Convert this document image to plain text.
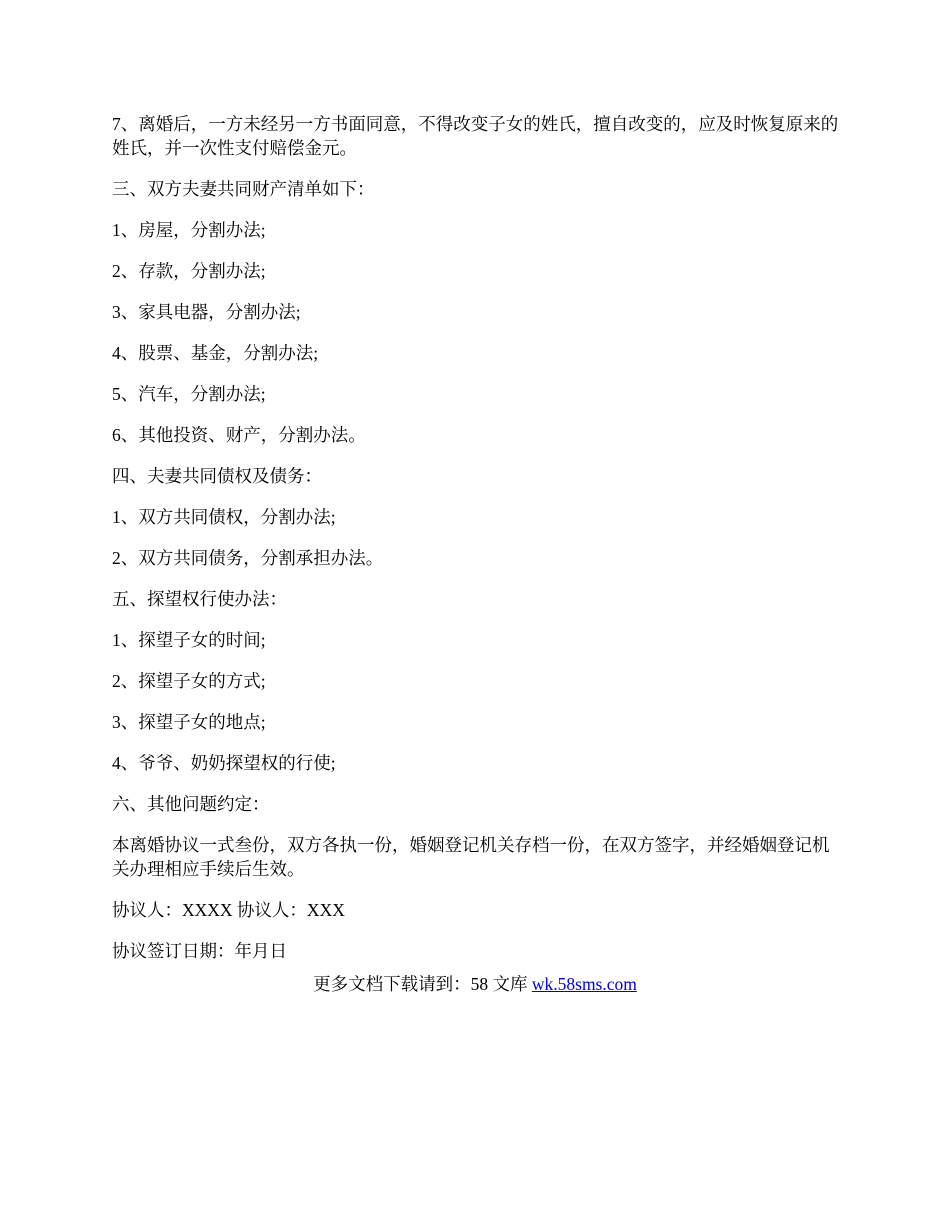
7、离婚后，一方未经另一方书面同意，不得改变子女的姓氏，擅自改变的，应及时恢复原来的姓氏，并一次性支付赔偿金元。

三、双方夫妻共同财产清单如下：

1、房屋，分割办法;

2、存款，分割办法;

3、家具电器，分割办法;

4、股票、基金，分割办法;

5、汽车，分割办法;

6、其他投资、财产，分割办法。

四、夫妻共同债权及债务：

1、双方共同债权，分割办法;

2、双方共同债务，分割承担办法。

五、探望权行使办法：

1、探望子女的时间;

2、探望子女的方式;

3、探望子女的地点;

4、爷爷、奶奶探望权的行使;

六、其他问题约定：

本离婚协议一式叁份，双方各执一份，婚姻登记机关存档一份，在双方签字，并经婚姻登记机关办理相应手续后生效。

协议人：XXXX 协议人：XXX

协议签订日期：年月日

更多文档下载请到：58 文库 wk.58sms.com
